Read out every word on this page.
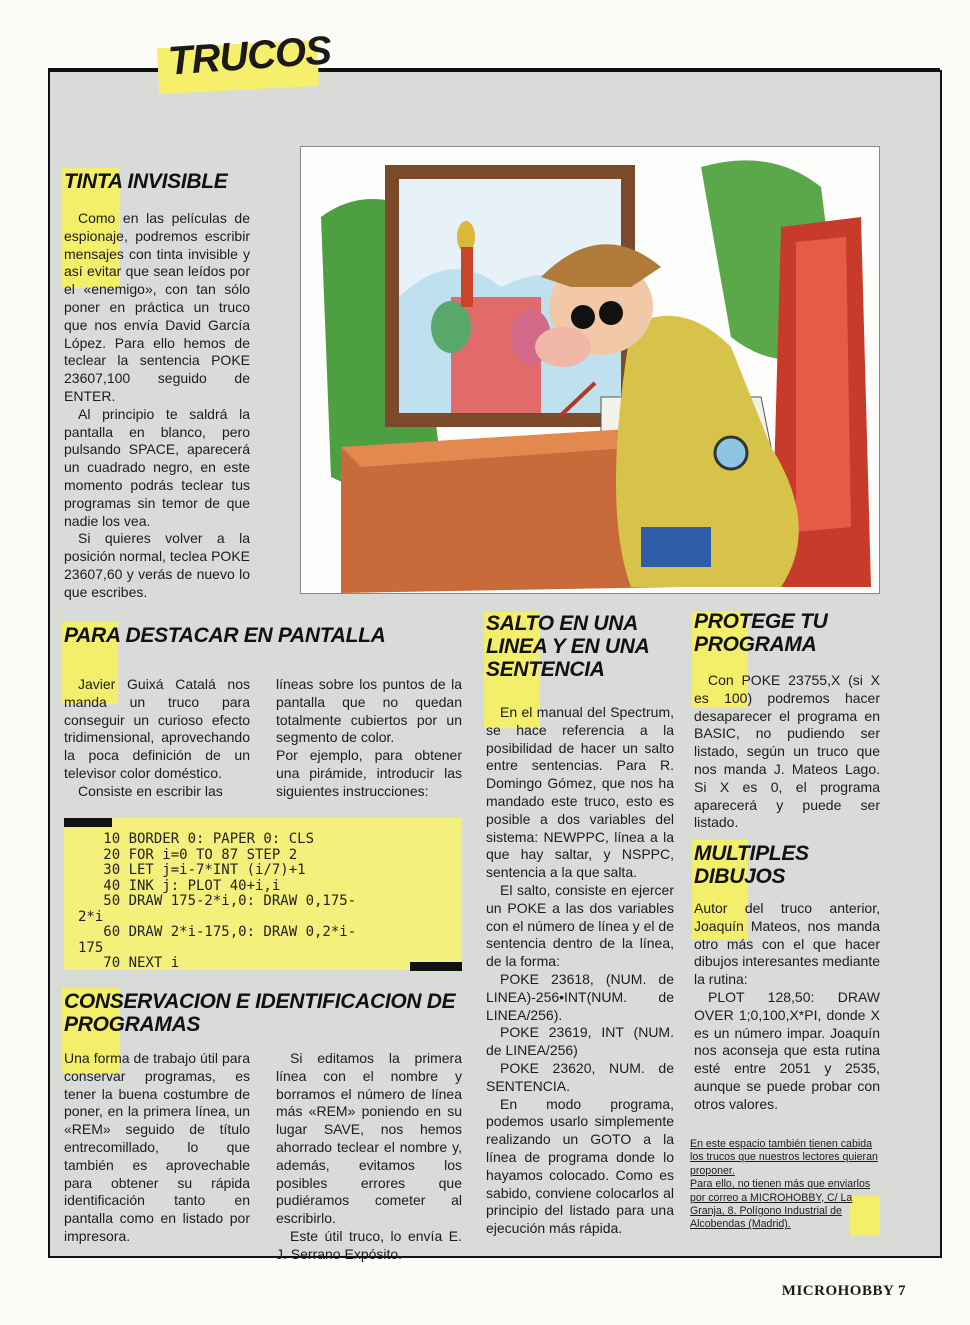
TRUCOS
TINTA INVISIBLE

Como en las películas de espionaje, podremos escribir mensajes con tinta invisible y así evitar que sean leídos por el «enemigo», con tan sólo poner en práctica un truco que nos envía David García López. Para ello hemos de teclear la sentencia POKE 23607,100 seguido de ENTER.

Al principio te saldrá la pantalla en blanco, pero pulsando SPACE, aparecerá un cuadrado negro, en este momento podrás teclear tus programas sin temor de que nadie los vea.

Si quieres volver a la posición normal, teclea POKE 23607,60 y verás de nuevo lo que escribes.

PARA DESTACAR EN PANTALLA

Javier Guixá Catalá nos manda un truco para conseguir un curioso efecto tridimensional, aprovechando la poca definición de un televisor color doméstico.

Consiste en escribir las

líneas sobre los puntos de la pantalla que no quedan totalmente cubiertos por un segmento de color.

Por ejemplo, para obtener una pirámide, introducir las siguientes instrucciones:

10 BORDER 0: PAPER 0: CLS
20 FOR i=0 TO 87 STEP 2
30 LET j=i-7*INT (i/7)+1
40 INK j: PLOT 40+i,i
50 DRAW 175-2*i,0: DRAW 0,175-
2*i
60 DRAW 2*i-175,0: DRAW 0,2*i-
175
70 NEXT i
CONSERVACION E IDENTIFICACION DE PROGRAMAS

Una forma de trabajo útil para conservar programas, es tener la buena costumbre de poner, en la primera línea, un «REM» seguido de título entrecomillado, lo que también es aprovechable para obtener su rápida identificación tanto en pantalla como en listado por impresora.

Si editamos la primera línea con el nombre y borramos el número de línea más «REM» poniendo en su lugar SAVE, nos hemos ahorrado teclear el nombre y, además, evitamos los posibles errores que pudiéramos cometer al escribirlo.

Este útil truco, lo envía E. J. Serrano Expósito.

SALTO EN UNA LINEA Y EN UNA SENTENCIA

En el manual del Spectrum, se hace referencia a la posibilidad de hacer un salto entre sentencias. Para R. Domingo Gómez, que nos ha mandado este truco, esto es posible a dos variables del sistema: NEWPPC, línea a la que hay saltar, y NSPPC, sentencia a la que salta.

El salto, consiste en ejercer un POKE a las dos variables con el número de línea y el de sentencia dentro de la línea, de la forma:

POKE 23618, (NUM. de LINEA)-256•INT(NUM. de LINEA/256).

POKE 23619, INT (NUM. de LINEA/256)

POKE 23620, NUM. de SENTENCIA.

En modo programa, podemos usarlo simplemente realizando un GOTO a la línea de programa donde lo hayamos colocado. Como es sabido, conviene colocarlos al principio del listado para una ejecución más rápida.

PROTEGE TU PROGRAMA

Con POKE 23755,X (si X es 100) podremos hacer desaparecer el programa en BASIC, no pudiendo ser listado, según un truco que nos manda J. Mateos Lago. Si X es 0, el programa aparecerá y puede ser listado.

MULTIPLES DIBUJOS

Autor del truco anterior, Joaquín Mateos, nos manda otro más con el que hacer dibujos interesantes mediante la rutina:

PLOT 128,50: DRAW OVER 1;0,100,X*PI, donde X es un número impar. Joaquín nos aconseja que esta rutina esté entre 2051 y 2535, aunque se puede probar con otros valores.

En este espacio también tienen cabida los trucos que nuestros lectores quieran proponer.
Para ello, no tienen más que enviarlos por correo a MICROHOBBY, C/ La Granja, 8. Polígono Industrial de Alcobendas (Madrid).
MICROHOBBY 7
